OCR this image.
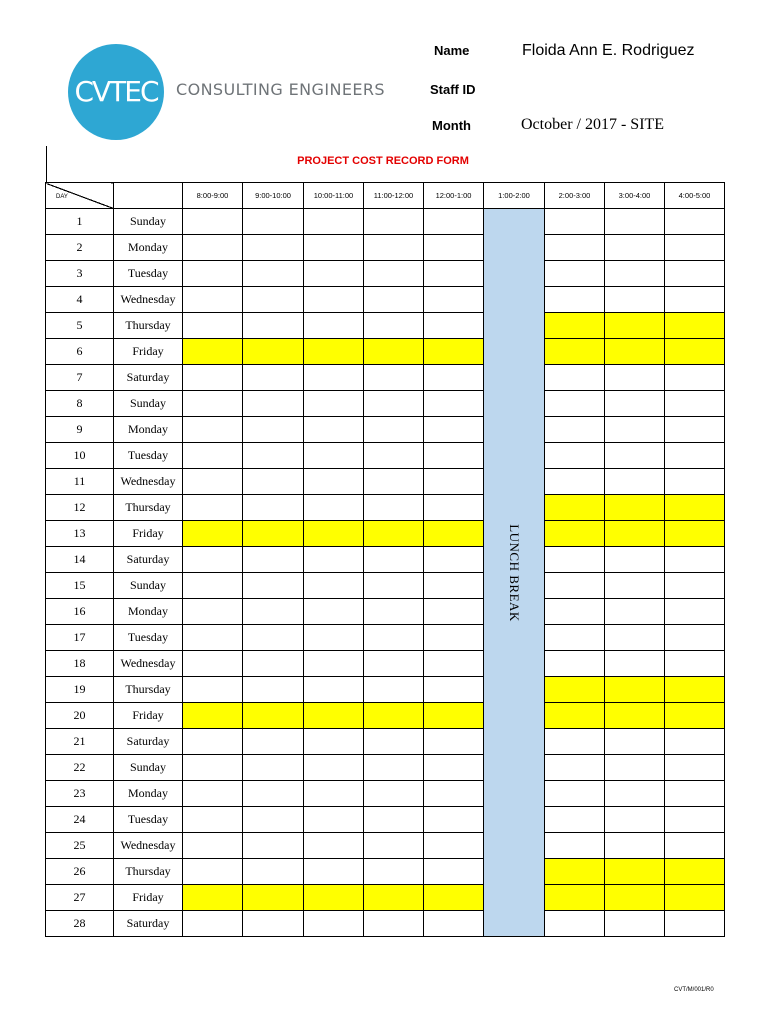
CVTEC	CONSULTING ENGINEERS
Name	Floida Ann E. Rodriguez
Staff ID
Month	October / 2017 - SITE
PROJECT COST RECORD FORM
DAY		8:00-9:00	9:00-10:00	10:00-11:00	11:00-12:00	12:00-1:00	1:00-2:00	2:00-3:00	3:00-4:00	4:00-5:00
1	Sunday						LUNCH BREAK			

2	Monday									
3	Tuesday									
4	Wednesday									
5	Thursday									
6	Friday									
7	Saturday									
8	Sunday									
9	Monday									
10	Tuesday									
11	Wednesday									
12	Thursday									
13	Friday									
14	Saturday									
15	Sunday									
16	Monday									
17	Tuesday									
18	Wednesday									
19	Thursday									
20	Friday									
21	Saturday									
22	Sunday									
23	Monday									
24	Tuesday									
25	Wednesday									
26	Thursday									
27	Friday									
28	Saturday									
CVT/M/001/R0
